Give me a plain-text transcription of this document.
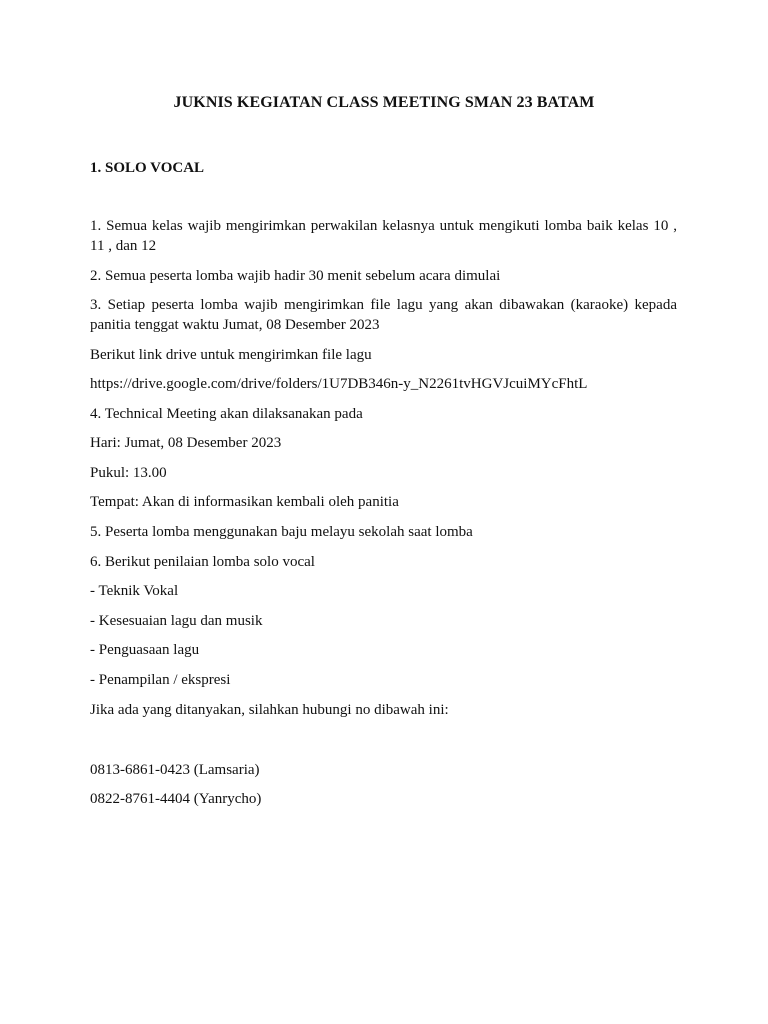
JUKNIS KEGIATAN CLASS MEETING SMAN 23 BATAM
1. SOLO VOCAL
1. Semua kelas wajib mengirimkan perwakilan kelasnya untuk mengikuti lomba baik kelas 10 , 11 , dan 12
2. Semua peserta lomba wajib hadir 30 menit sebelum acara dimulai
3. Setiap peserta lomba wajib mengirimkan file lagu yang akan dibawakan (karaoke) kepada panitia tenggat waktu Jumat, 08 Desember 2023
Berikut link drive untuk mengirimkan file lagu
https://drive.google.com/drive/folders/1U7DB346n-y_N2261tvHGVJcuiMYcFhtL
4. Technical Meeting akan dilaksanakan pada
Hari: Jumat, 08 Desember 2023
Pukul: 13.00
Tempat: Akan di informasikan kembali oleh panitia
5. Peserta lomba menggunakan baju melayu sekolah saat lomba
6. Berikut penilaian lomba solo vocal
- Teknik Vokal
- Kesesuaian lagu dan musik
- Penguasaan lagu
- Penampilan / ekspresi
Jika ada yang ditanyakan, silahkan hubungi no dibawah ini:
0813-6861-0423 (Lamsaria)
0822-8761-4404 (Yanrycho)
